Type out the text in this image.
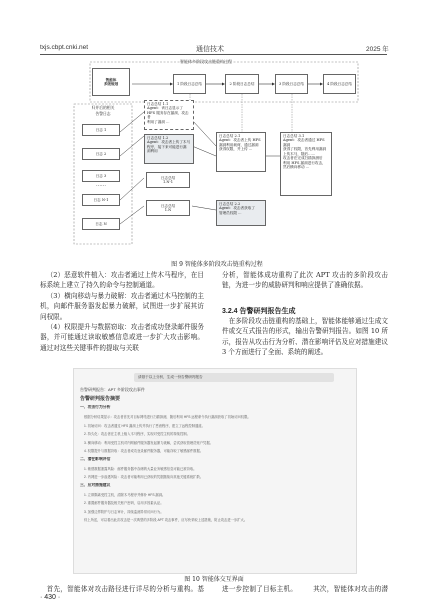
txjs.cbpt.cnki.net	通信技术	2025 年
智能体
多级规划
智能体多阶段攻击链重构过程
1 阶段日志总结	2 阶段日志总结	3 阶段日志总结	4 阶段日志总结
归并后的相关
告警日志
日志 1
日志 2
日志 3
……
日志 N-1
日志 N
日志总结 1.1
Agent：该日志显示了 HFS 服务存在漏洞，攻击者
利用了漏洞 ...
日志总结 1.2
Agent：攻击者上传了木马
程序，接下来可能进行漏
洞利用
日志总结
1.N-1
日志总结
1.N
日志总结 2.1
Agent：攻击者上传 HFS
漏洞利用载荷，通过漏洞
获得权限，并上传 ...
日志总结 2.2
Agent：攻击者获取了
管理员权限 ...
日志总结 3.1
Agent：攻击者通过 HFS 漏洞
获得了权限，首先利用漏洞
上传木马，随后……
攻击者在完成扫描探测后
利用 HFS 漏洞进行攻击，
然后横向移动 ...
图 9 智能体多阶段攻击链重构过程
（2）恶意软件植入：攻击者通过上传木马程序，在目标系统上建立了持久的命令与控制通道。
（3）横向移动与暴力破解：攻击者通过木马控制的主机，向邮件服务器发起暴力破解，试图进一步扩展其访问权限。
（4）权限提升与数据窃取：攻击者成功登录邮件服务器，并可能通过读取敏感信息或进一步扩大攻击影响。通过对这些关键事件的提取与关联
分析，智能体成功重构了此次 APT 攻击的多阶段攻击链，为进一步的威胁研判和响应提供了准确依据。
3.2.4 告警研判报告生成
请基于以上分析，生成一份告警研判报告
告警研判报告：APT 多阶段攻击事件
告警研判报告摘要
一、攻击行为分析
根据分析结果显示：攻击者首先对目标网络进行扫描探测，随后利用 HFS 远程命令执行漏洞获取了初始访问权限。
1. 初始访问：攻击者通过 HFS 漏洞上传并执行了恶意程序，建立了远程控制通道。
2. 持久化：攻击者在主机上植入木马程序，实现对受控主机的持续控制。
3. 横向移动：利用受控主机对内网邮件服务器发起暴力破解，尝试获取管理员账户凭据。
4. 权限提升与数据窃取：攻击者成功登录邮件服务器，可能窃取了敏感邮件数据。
二、潜在影响评估
1. 敏感数据泄露风险：邮件服务器中存储的大量业务敏感信息可能已被窃取。
2. 内网进一步渗透风险：攻击者可能利用已获取的凭据继续向其他关键系统扩散。
三、应对措施建议
1. 立即隔离受控主机，清除木马程序并修补 HFS 漏洞。
2. 重置邮件服务器及相关账户密码，启用多因素认证。
3. 加强边界防护与日志审计，持续监测异常访问行为。
综上所述，可以看出此次攻击是一次典型的多阶段 APT 攻击事件，应尽快采取上述措施，防止攻击进一步扩大。
· 430 ·
在多阶段攻击链重构的基础上，智能体能够通过生成文件或交互式报告的形式，输出告警研判报告。如图 10 所示，报告从攻击行为分析、潜在影响评估及应对措施建议 3 个方面进行了全面、系统的阐述。
图 10 智能体交互界面
首先，智能体对攻击路径进行详尽的分析与重构。基	进一步控制了目标主机。 　　其次，智能体对攻击的潜
